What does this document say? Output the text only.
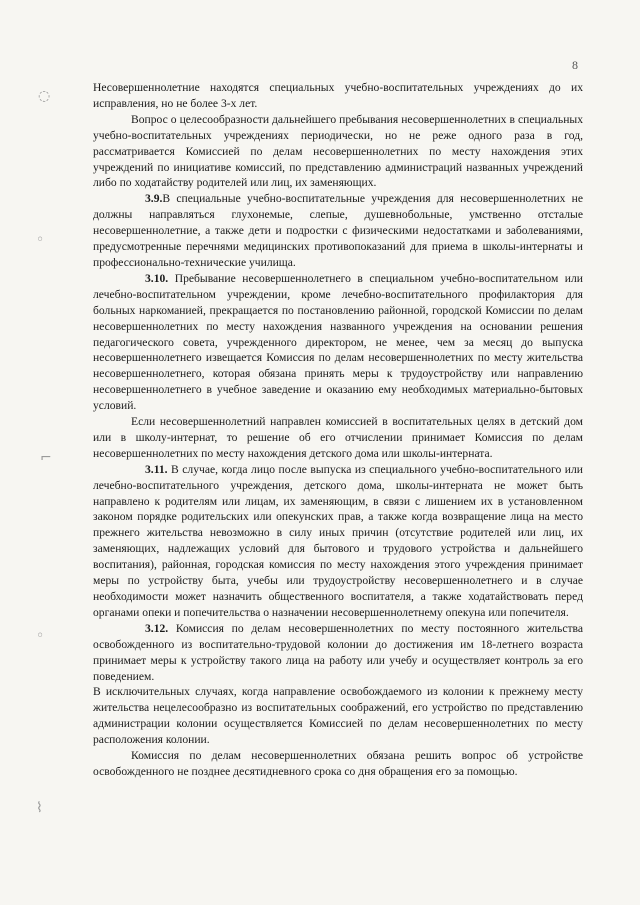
8

Несовершеннолетние находятся специальных учебно-воспитательных учреждениях до их исправления, но не более 3-х лет.

Вопрос о целесообразности дальнейшего пребывания несовершеннолетних в специальных учебно-воспитательных учреждениях периодически, но не реже одного раза в год, рассматривается Комиссией по делам несовершеннолетних по месту нахождения этих учреждений по инициативе комиссий, по представлению администраций названных учреждений либо по ходатайству родителей или лиц, их заменяющих.

3.9.В специальные учебно-воспитательные учреждения для несовершеннолетних не должны направляться глухонемые, слепые, душевнобольные, умственно отсталые несовершеннолетние, а также дети и подростки с физическими недостатками и заболеваниями, предусмотренные перечнями медицинских противопоказаний для приема в школы-интернаты и профессионально-технические училища.

3.10. Пребывание несовершеннолетнего в специальном учебно-воспитательном или лечебно-воспитательном учреждении, кроме лечебно-воспитательного профилактория для больных наркоманией, прекращается по постановлению районной, городской Комиссии по делам несовершеннолетних по месту нахождения названного учреждения на основании решения педагогического совета, учрежденного директором, не менее, чем за месяц до выпуска несовершеннолетнего извещается Комиссия по делам несовершеннолетних по месту жительства несовершеннолетнего, которая обязана принять меры к трудоустройству или направлению несовершеннолетнего в учебное заведение и оказанию ему необходимых материально-бытовых условий.

Если несовершеннолетний направлен комиссией в воспитательных целях в детский дом или в школу-интернат, то решение об его отчислении принимает Комиссия по делам несовершеннолетних по месту нахождения детского дома или школы-интерната.

3.11. В случае, когда лицо после выпуска из специального учебно-воспитательного или лечебно-воспитательного учреждения, детского дома, школы-интерната не может быть направлено к родителям или лицам, их заменяющим, в связи с лишением их в установленном законом порядке родительских или опекунских прав, а также когда возвращение лица на место прежнего жительства невозможно в силу иных причин (отсутствие родителей или лиц, их заменяющих, надлежащих условий для бытового и трудового устройства и дальнейшего воспитания), районная, городская комиссия по месту нахождения этого учреждения принимает меры по устройству быта, учебы или трудоустройству несовершеннолетнего и в случае необходимости может назначить общественного воспитателя, а также ходатайствовать перед органами опеки и попечительства о назначении несовершеннолетнему опекуна или попечителя.

3.12. Комиссия по делам несовершеннолетних по месту постоянного жительства освобожденного из воспитательно-трудовой колонии до достижения им 18-летнего возраста принимает меры к устройству такого лица на работу или учебу и осуществляет контроль за его поведением.

В исключительных случаях, когда направление освобождаемого из колонии к прежнему месту жительства нецелесообразно из воспитательных соображений, его устройство по представлению администрации колонии осуществляется Комиссией по делам несовершеннолетних по месту расположения колонии.

Комиссия по делам несовершеннолетних обязана решить вопрос об устройстве освобожденного не позднее десятидневного срока со дня обращения его за помощью.

◌
◦
⌐
◦
⌇
